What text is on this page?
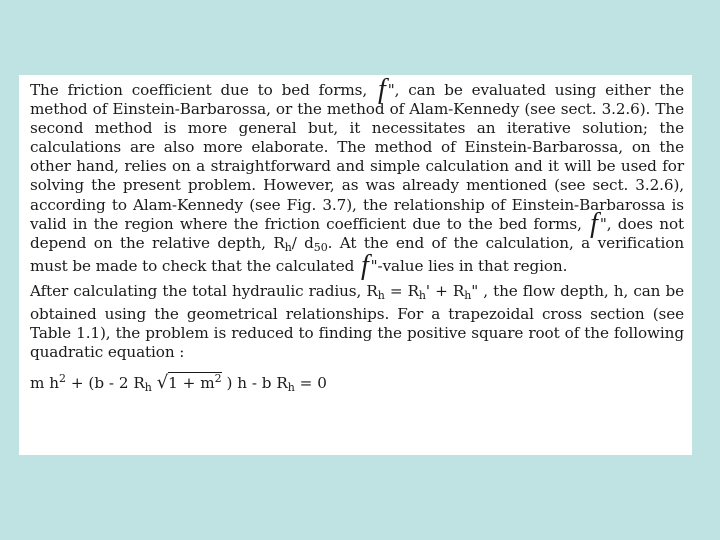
The friction coefficient due to bed forms, f ", can be evaluated using either the method of Einstein-Barbarossa, or the method of Alam-Kennedy (see sect. 3.2.6). The second method is more general but, it necessitates an iterative solution; the calculations are also more elaborate. The method of Einstein-Barbarossa, on the other hand, relies on a straightforward and simple calculation and it will be used for solving the present problem. However, as was already mentioned (see sect. 3.2.6), according to Alam-Kennedy (see Fig. 3.7), the relationship of Einstein-Barbarossa is valid in the region where the friction coefficient due to the bed forms, f ", does not depend on the relative depth, $R_h/$ $d_{50}$. At the end of the calculation, a verification must be made to check that the calculated f "-value lies in that region.

After calculating the total hydraulic radius, $R_h = R_h' + R_h$" , the flow depth, h, can be obtained using the geometrical relationships. For a trapezoidal cross section (see Table 1.1), the problem is reduced to finding the positive square root of the following quadratic equation :

m $h^2 + (b - 2$ $R_h$ $√1 + m^2$ ) h - b $R_h = 0$
